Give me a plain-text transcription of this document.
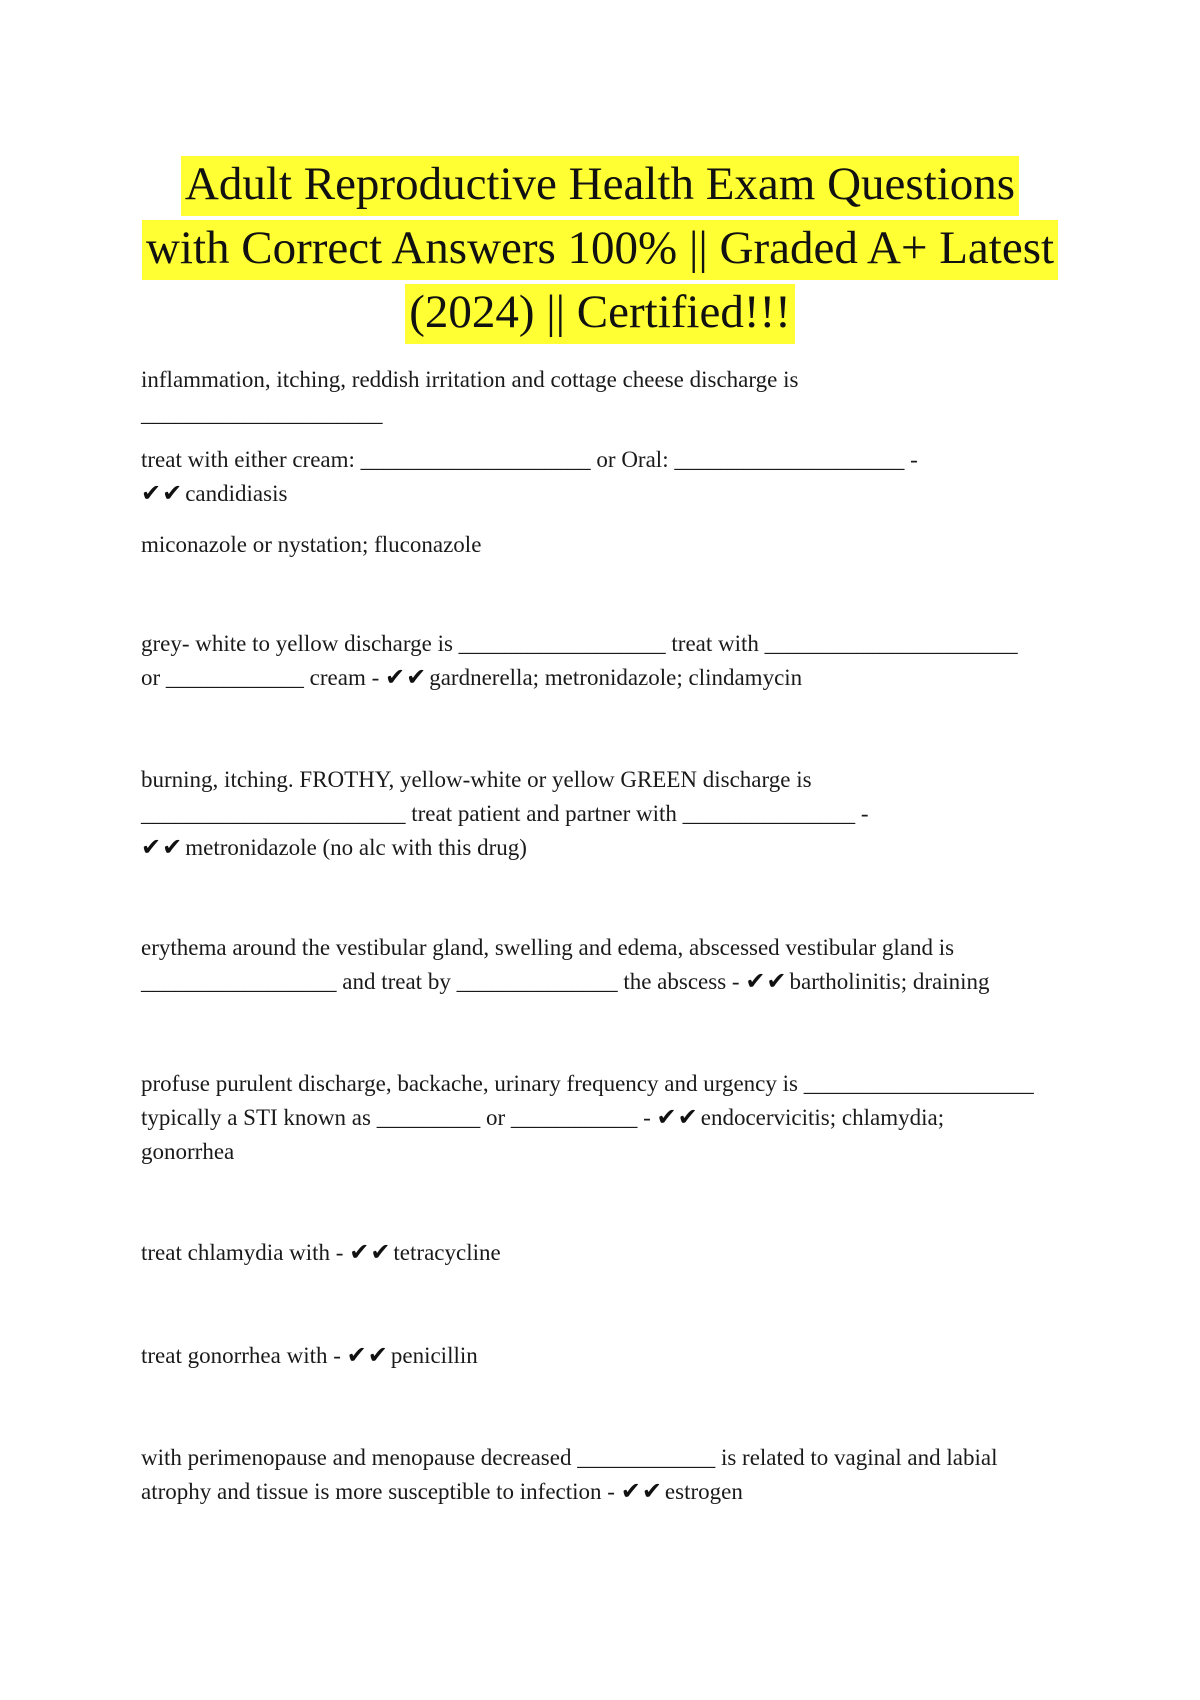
Adult Reproductive Health Exam Questions
with Correct Answers 100% || Graded A+ Latest
(2024) || Certified!!!
inflammation, itching, reddish irritation and cottage cheese discharge is
_____________________
treat with either cream: ____________________ or Oral: ____________________ -
✔✔ candidiasis
miconazole or nystation; fluconazole
grey- white to yellow discharge is __________________ treat with ______________________
or ____________ cream - ✔✔ gardnerella; metronidazole; clindamycin
burning, itching. FROTHY, yellow-white or yellow GREEN discharge is
_______________________ treat patient and partner with _______________ -
✔✔ metronidazole (no alc with this drug)
erythema around the vestibular gland, swelling and edema, abscessed vestibular gland is
_________________ and treat by ______________ the abscess - ✔✔ bartholinitis; draining
profuse purulent discharge, backache, urinary frequency and urgency is ____________________
typically a STI known as _________ or ___________ - ✔✔ endocervicitis; chlamydia;
gonorrhea
treat chlamydia with - ✔✔ tetracycline
treat gonorrhea with - ✔✔ penicillin
with perimenopause and menopause decreased ____________ is related to vaginal and labial
atrophy and tissue is more susceptible to infection - ✔✔ estrogen
